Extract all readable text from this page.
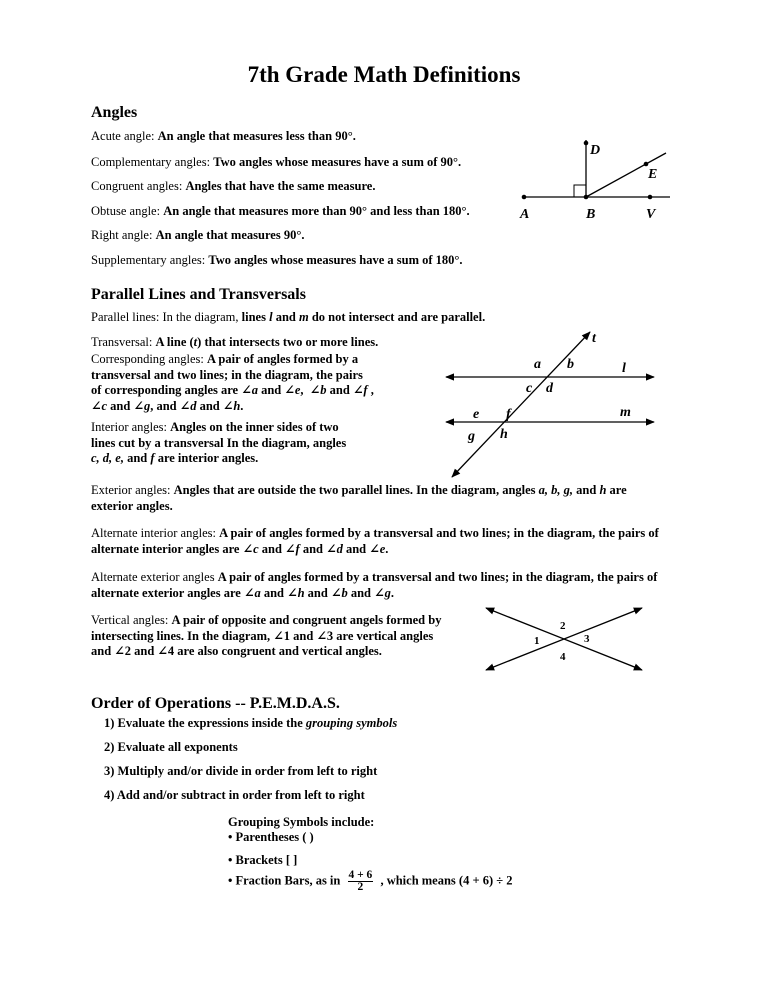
7th Grade Math Definitions
Angles
Acute angle: An angle that measures less than 90°.
Complementary angles: Two angles whose measures have a sum of 90°.
Congruent angles: Angles that have the same measure.
Obtuse angle: An angle that measures more than 90° and less than 180°.
Right angle: An angle that measures 90°.
Supplementary angles: Two angles whose measures have a sum of 180°.
D
E
A	B	V
Parallel Lines and Transversals
Parallel lines: In the diagram, lines l and m do not intersect and are parallel.
Transversal: A line (t) that intersects two or more lines.
Corresponding angles: A pair of angles formed by a
transversal and two lines; in the diagram, the pairs
of corresponding angles are ∠a and ∠e,  ∠b and ∠f ,
∠c and ∠g, and ∠d and ∠h.
Interior angles: Angles on the inner sides of two
lines cut by a transversal In the diagram, angles
c, d, e, and f are interior angles.
t
a b	l
c d
e f	m
g h
Exterior angles: Angles that are outside the two parallel lines. In the diagram, angles a, b, g, and h are
exterior angles.
Alternate interior angles: A pair of angles formed by a transversal and two lines; in the diagram, the pairs of
alternate interior angles are ∠c and ∠f and ∠d and ∠e.
Alternate exterior angles A pair of angles formed by a transversal and two lines; in the diagram, the pairs of
alternate exterior angles are ∠a and ∠h and ∠b and ∠g.
Vertical angles: A pair of opposite and congruent angels formed by
intersecting lines. In the diagram, ∠1 and ∠3 are vertical angles
and ∠2 and ∠4 are also congruent and vertical angles.
1
2
3
4
Order of Operations -- P.E.M.D.A.S.
1) Evaluate the expressions inside the grouping symbols
2) Evaluate all exponents
3) Multiply and/or divide in order from left to right
4) Add and/or subtract in order from left to right
Grouping Symbols include:
• Parentheses ( )
• Brackets [ ]
• Fraction Bars, as in $\frac{4 + 6}{2}$ , which means (4 + 6) ÷ 2
